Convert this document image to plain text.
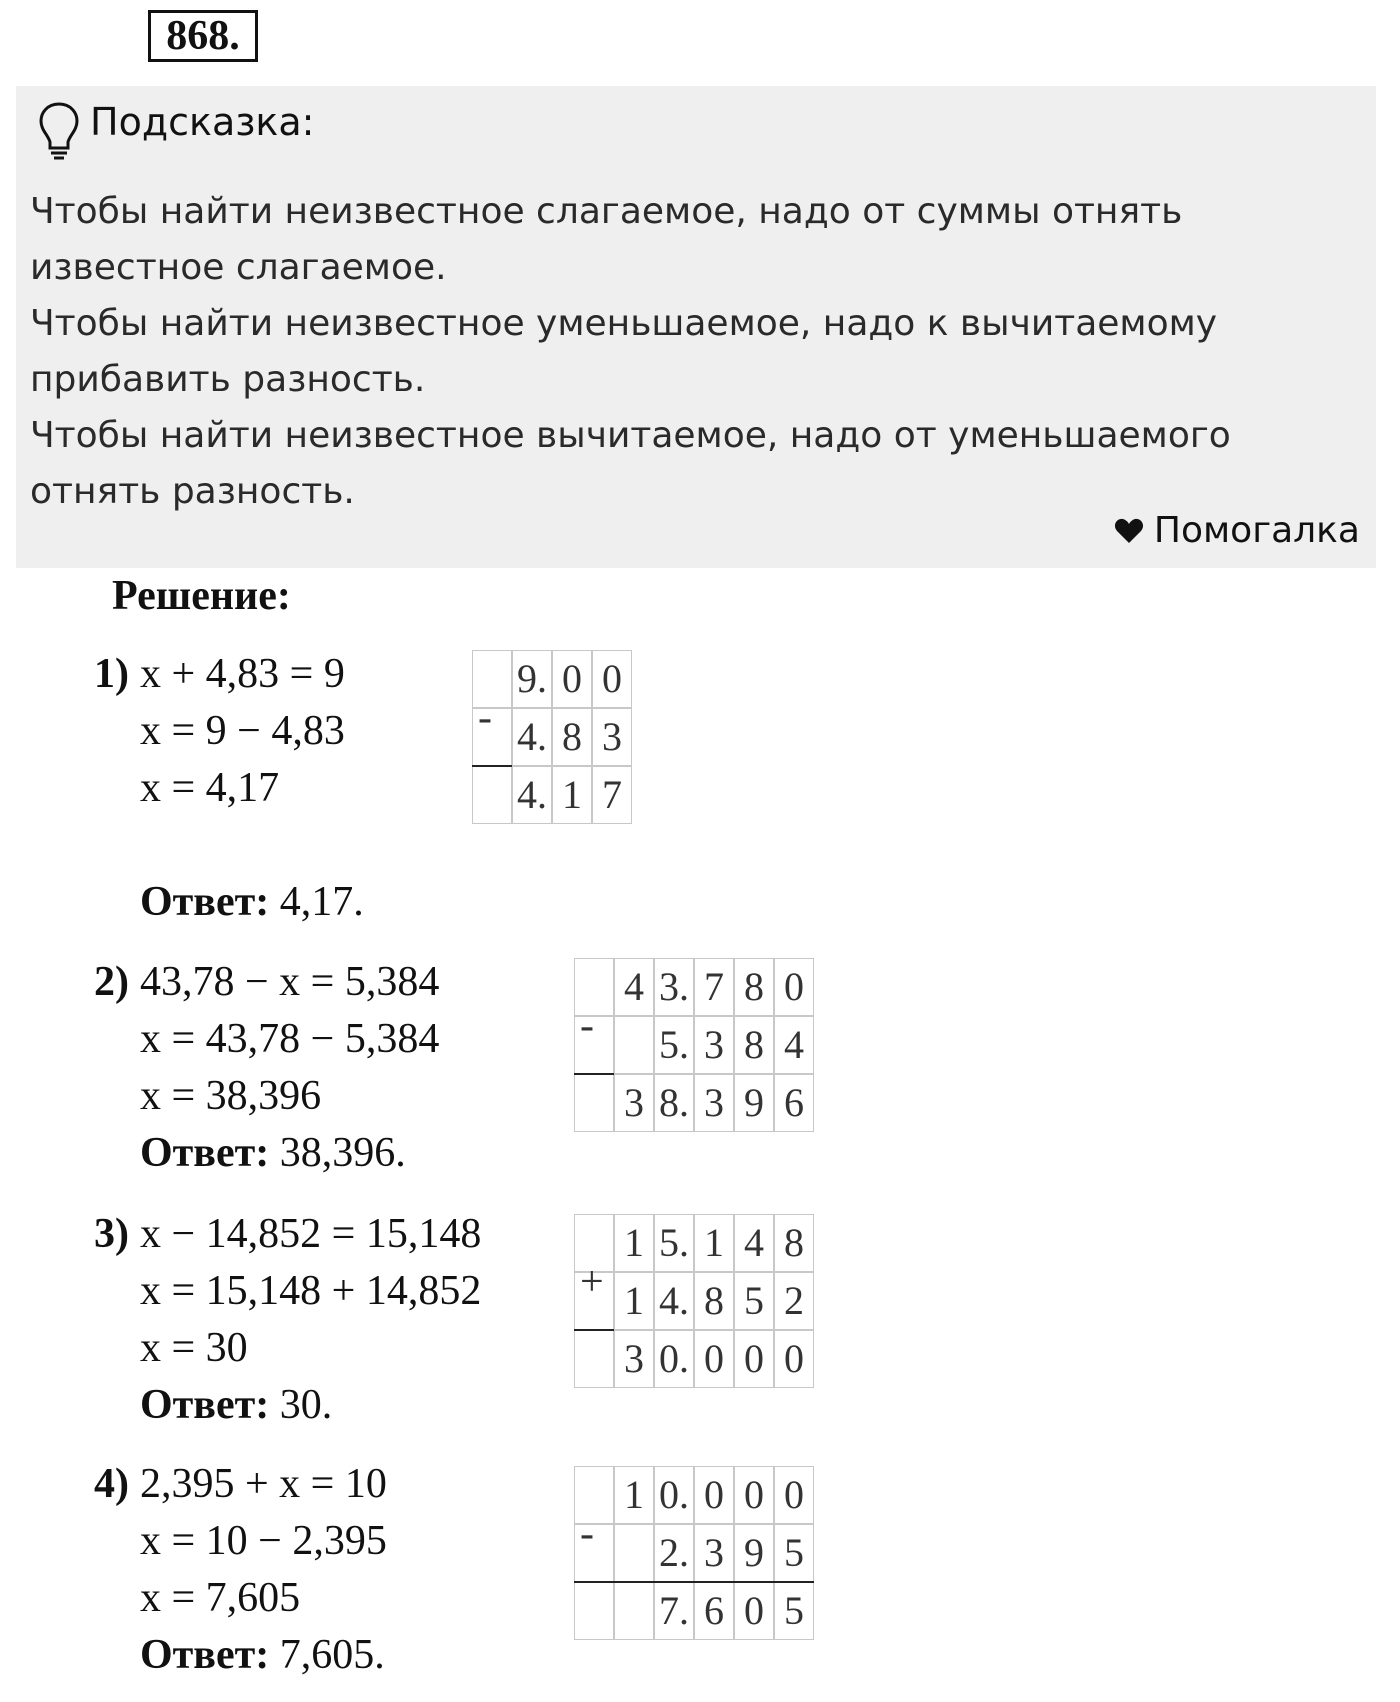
868.
Подсказка:

Чтобы найти неизвестное слагаемое, надо от суммы отнять

известное слагаемое.

Чтобы найти неизвестное уменьшаемое, надо к вычитаемому

прибавить разность.

Чтобы найти неизвестное вычитаемое, надо от уменьшаемого

отнять разность.

Помогалка
Решение:
1) x + 4,83 = 9
x = 9 − 4,83
x = 4,17
Ответ: 4,17.
9. 0 0
4. 8 3
4. 1 7
-
2) 43,78 − x = 5,384
x = 43,78 − 5,384
x = 38,396
Ответ: 38,396.
4 3. 7 8 0
5. 3 8 4
3 8. 3 9 6
-
3) x − 14,852 = 15,148
x = 15,148 + 14,852
x = 30
Ответ: 30.
1 5. 1 4 8
1 4. 8 5 2
3 0. 0 0 0
+
4) 2,395 + x = 10
x = 10 − 2,395
x = 7,605
Ответ: 7,605.
1 0. 0 0 0
2. 3 9 5
7. 6 0 5
-
